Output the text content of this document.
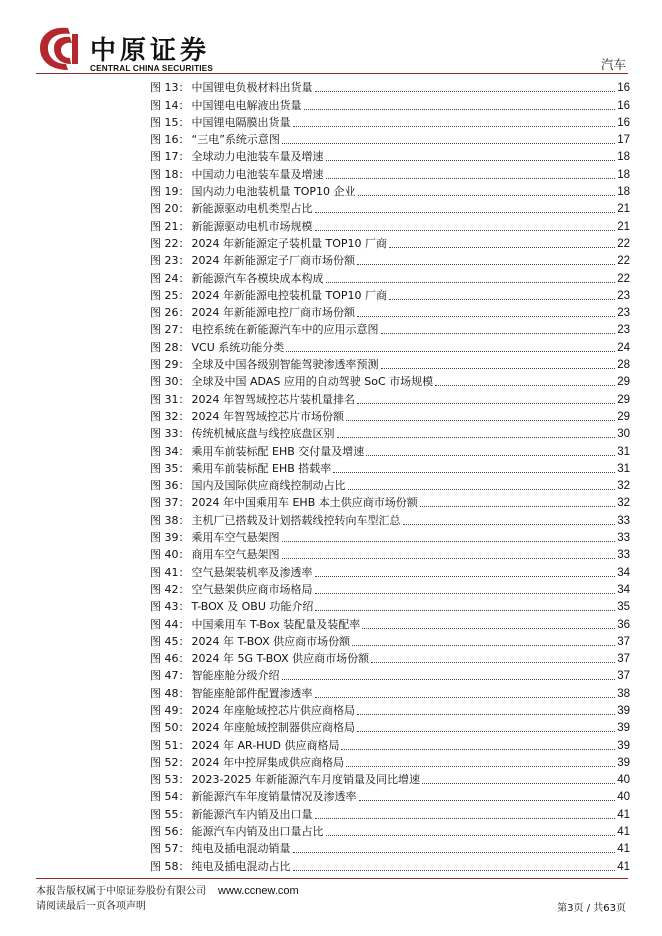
中原证券
CENTRAL CHINA SECURITIES	汽车
图 13： 中国锂电负极材料出货量	16
图 14： 中国锂电电解液出货量	16
图 15： 中国锂电隔膜出货量	16
图 16： “三电”系统示意图	17
图 17： 全球动力电池装车量及增速	18
图 18： 中国动力电池装车量及增速	18
图 19： 国内动力电池装机量 TOP10 企业	18
图 20： 新能源驱动电机类型占比	21
图 21： 新能源驱动电机市场规模	21
图 22： 2024 年新能源定子装机量 TOP10 厂商	22
图 23： 2024 年新能源定子厂商市场份额	22
图 24： 新能源汽车各模块成本构成	22
图 25： 2024 年新能源电控装机量 TOP10 厂商	23
图 26： 2024 年新能源电控厂商市场份额	23
图 27： 电控系统在新能源汽车中的应用示意图	23
图 28： VCU 系统功能分类	24
图 29： 全球及中国各级别智能驾驶渗透率预测	28
图 30： 全球及中国 ADAS 应用的自动驾驶 SoC 市场规模	29
图 31： 2024 年智驾域控芯片装机量排名	29
图 32： 2024 年智驾域控芯片市场份额	29
图 33： 传统机械底盘与线控底盘区别	30
图 34： 乘用车前装标配 EHB 交付量及增速	31
图 35： 乘用车前装标配 EHB 搭载率	31
图 36： 国内及国际供应商线控制动占比	32
图 37： 2024 年中国乘用车 EHB 本土供应商市场份额	32
图 38： 主机厂已搭载及计划搭载线控转向车型汇总	33
图 39： 乘用车空气悬架图	33
图 40： 商用车空气悬架图	33
图 41： 空气悬架装机率及渗透率	34
图 42： 空气悬架供应商市场格局	34
图 43： T-BOX 及 OBU 功能介绍	35
图 44： 中国乘用车 T-Box 装配量及装配率	36
图 45： 2024 年 T-BOX 供应商市场份额	37
图 46： 2024 年 5G T-BOX 供应商市场份额	37
图 47： 智能座舱分级介绍	37
图 48： 智能座舱部件配置渗透率	38
图 49： 2024 年座舱域控芯片供应商格局	39
图 50： 2024 年座舱域控制器供应商格局	39
图 51： 2024 年 AR-HUD 供应商格局	39
图 52： 2024 年中控屏集成供应商格局	39
图 53： 2023-2025 年新能源汽车月度销量及同比增速	40
图 54： 新能源汽车年度销量情况及渗透率	40
图 55： 新能源汽车内销及出口量	41
图 56： 能源汽车内销及出口量占比	41
图 57： 纯电及插电混动销量	41
图 58： 纯电及插电混动占比	41
本报告版权属于中原证券股份有限公司 www.ccnew.com
请阅读最后一页各项声明	第3页 / 共63页
